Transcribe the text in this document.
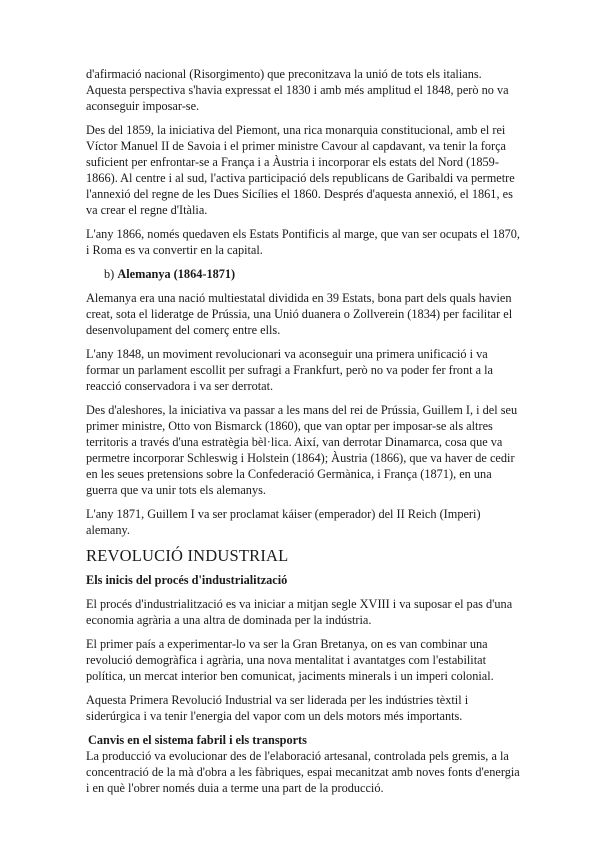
d'afirmació nacional (Risorgimento) que preconitzava la unió de tots els italians. Aquesta perspectiva s'havia expressat el 1830 i amb més amplitud el 1848, però no va aconseguir imposar-se.

Des del 1859, la iniciativa del Piemont, una rica monarquia constitucional, amb el rei Víctor Manuel II de Savoia i el primer ministre Cavour al capdavant, va tenir la força suficient per enfrontar-se a França i a Àustria i incorporar els estats del Nord (1859-1866). Al centre i al sud, l'activa participació dels republicans de Garibaldi va permetre l'annexió del regne de les Dues Sicílies el 1860. Després d'aquesta annexió, el 1861, es va crear el regne d'Itàlia.

L'any 1866, només quedaven els Estats Pontificis al marge, que van ser ocupats el 1870, i Roma es va convertir en la capital.

b) Alemanya (1864-1871)

Alemanya era una nació multiestatal dividida en 39 Estats, bona part dels quals havien creat, sota el lideratge de Prússia, una Unió duanera o Zollverein (1834) per facilitar el desenvolupament del comerç entre ells.

L'any 1848, un moviment revolucionari va aconseguir una primera unificació i va formar un parlament escollit per sufragi a Frankfurt, però no va poder fer front a la reacció conservadora i va ser derrotat.

Des d'aleshores, la iniciativa va passar a les mans del rei de Prússia, Guillem I, i del seu primer ministre, Otto von Bismarck (1860), que van optar per imposar-se als altres territoris a través d'una estratègia bèl·lica. Així, van derrotar Dinamarca, cosa que va permetre incorporar Schleswig i Holstein (1864); Àustria (1866), que va haver de cedir en les seues pretensions sobre la Confederació Germànica, i França (1871), en una guerra que va unir tots els alemanys.

L'any 1871, Guillem I va ser proclamat káiser (emperador) del II Reich (Imperi) alemany.

REVOLUCIÓ INDUSTRIAL

Els inicis del procés d'industrialització

El procés d'industrialització es va iniciar a mitjan segle XVIII i va suposar el pas d'una economia agrària a una altra de dominada per la indústria.

El primer país a experimentar-lo va ser la Gran Bretanya, on es van combinar una revolució demogràfica i agrària, una nova mentalitat i avantatges com l'estabilitat política, un mercat interior ben comunicat, jaciments minerals i un imperi colonial.

Aquesta Primera Revolució Industrial va ser liderada per les indústries tèxtil i siderúrgica i va tenir l'energia del vapor com un dels motors més importants.

Canvis en el sistema fabril i els transports

La producció va evolucionar des de l'elaboració artesanal, controlada pels gremis, a la concentració de la mà d'obra a les fàbriques, espai mecanitzat amb noves fonts d'energia i en què l'obrer només duia a terme una part de la producció.
